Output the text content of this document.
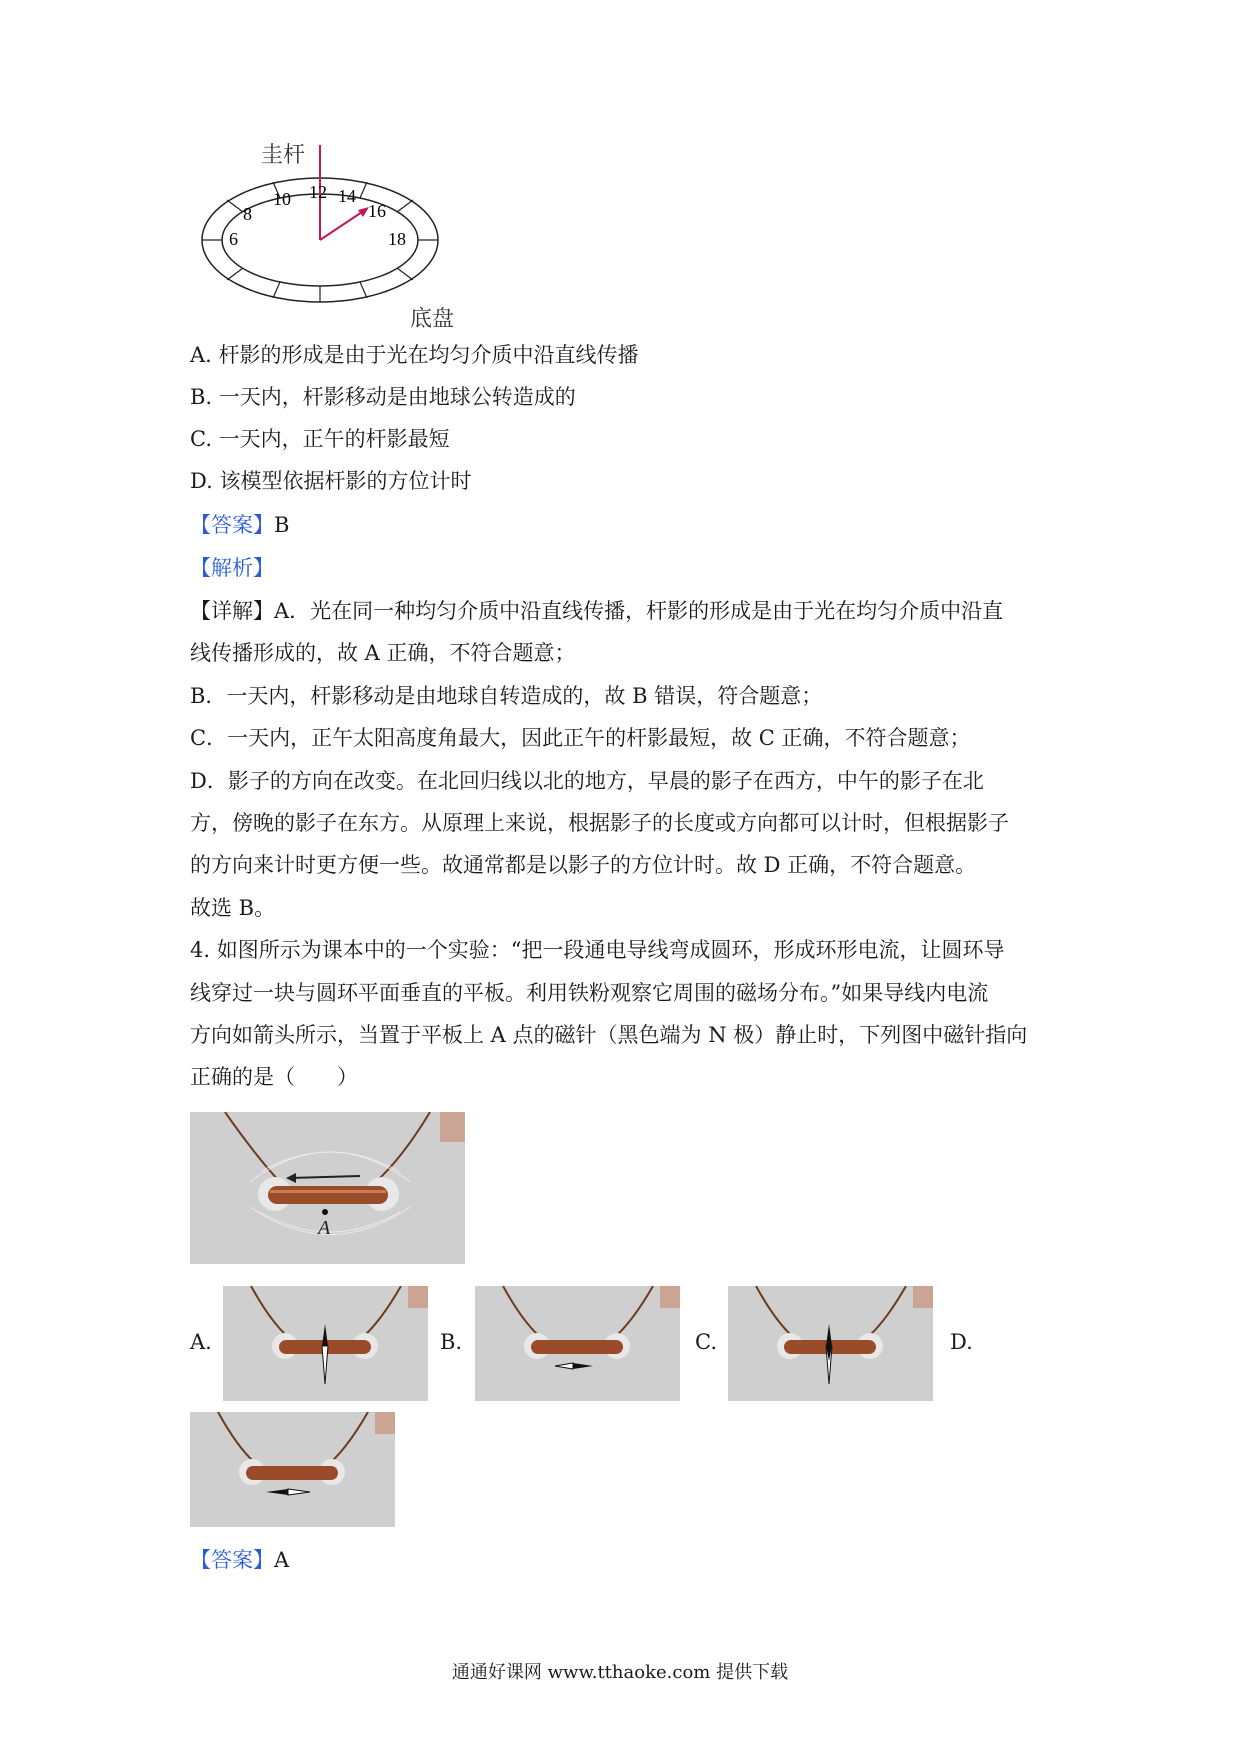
6
8
10 12 14
16
18
圭杆
底盘
A. 杆影的形成是由于光在均匀介质中沿直线传播
B. 一天内，杆影移动是由地球公转造成的
C. 一天内，正午的杆影最短
D. 该模型依据杆影的方位计时
【答案】B
【解析】
【详解】A．光在同一种均匀介质中沿直线传播，杆影的形成是由于光在均匀介质中沿直
线传播形成的，故 A 正确，不符合题意；
B．一天内，杆影移动是由地球自转造成的，故 B 错误，符合题意；
C．一天内，正午太阳高度角最大，因此正午的杆影最短，故 C 正确，不符合题意；
D．影子的方向在改变。在北回归线以北的地方，早晨的影子在西方，中午的影子在北
方，傍晚的影子在东方。从原理上来说，根据影子的长度或方向都可以计时，但根据影子
的方向来计时更方便一些。故通常都是以影子的方位计时。故 D 正确，不符合题意。
故选 B。
4. 如图所示为课本中的一个实验：“把一段通电导线弯成圆环，形成环形电流，让圆环导
线穿过一块与圆环平面垂直的平板。利用铁粉观察它周围的磁场分布。”如果导线内电流
方向如箭头所示，当置于平板上 A 点的磁针（黑色端为 N 极）静止时，下列图中磁针指向
正确的是（　　）
A
A.	B.	C.	D.
【答案】A
通通好课网 www.tthaoke.com 提供下载
